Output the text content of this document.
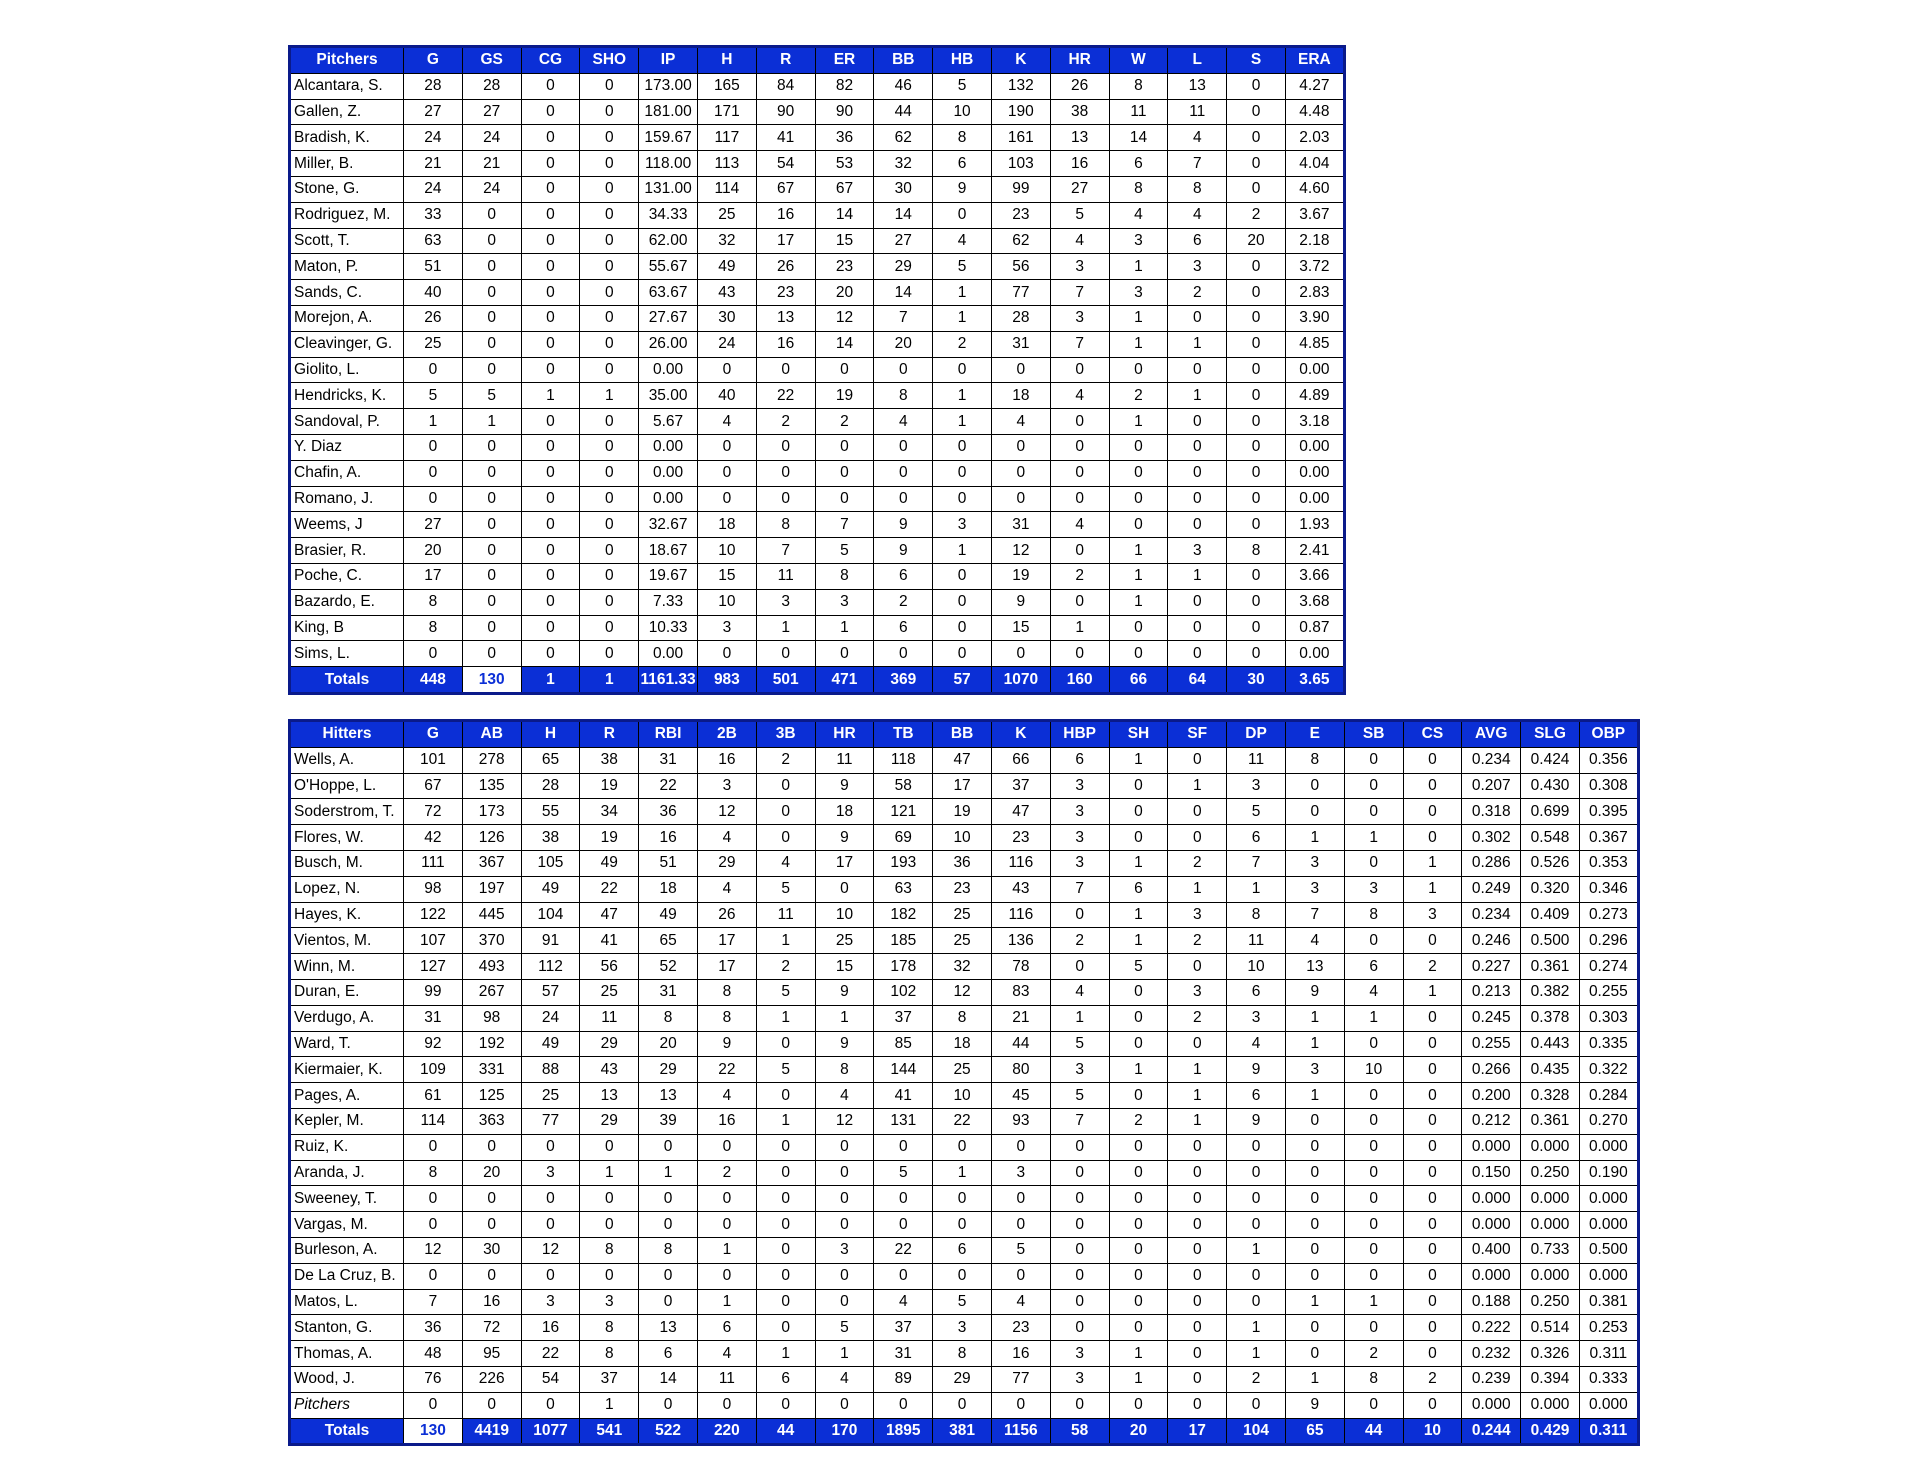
Pitchers	G	GS	CG	SHO	IP	H	R	ER	BB	HB	K	HR	W	L	S	ERA
Alcantara, S.	28	28	0	0	173.00	165	84	82	46	5	132	26	8	13	0	4.27
Gallen, Z.	27	27	0	0	181.00	171	90	90	44	10	190	38	11	11	0	4.48
Bradish, K.	24	24	0	0	159.67	117	41	36	62	8	161	13	14	4	0	2.03
Miller, B.	21	21	0	0	118.00	113	54	53	32	6	103	16	6	7	0	4.04
Stone, G.	24	24	0	0	131.00	114	67	67	30	9	99	27	8	8	0	4.60
Rodriguez, M.	33	0	0	0	34.33	25	16	14	14	0	23	5	4	4	2	3.67
Scott, T.	63	0	0	0	62.00	32	17	15	27	4	62	4	3	6	20	2.18
Maton, P.	51	0	0	0	55.67	49	26	23	29	5	56	3	1	3	0	3.72
Sands, C.	40	0	0	0	63.67	43	23	20	14	1	77	7	3	2	0	2.83
Morejon, A.	26	0	0	0	27.67	30	13	12	7	1	28	3	1	0	0	3.90
Cleavinger, G.	25	0	0	0	26.00	24	16	14	20	2	31	7	1	1	0	4.85
Giolito, L.	0	0	0	0	0.00	0	0	0	0	0	0	0	0	0	0	0.00
Hendricks, K.	5	5	1	1	35.00	40	22	19	8	1	18	4	2	1	0	4.89
Sandoval, P.	1	1	0	0	5.67	4	2	2	4	1	4	0	1	0	0	3.18
Y. Diaz	0	0	0	0	0.00	0	0	0	0	0	0	0	0	0	0	0.00
Chafin, A.	0	0	0	0	0.00	0	0	0	0	0	0	0	0	0	0	0.00
Romano, J.	0	0	0	0	0.00	0	0	0	0	0	0	0	0	0	0	0.00
Weems, J	27	0	0	0	32.67	18	8	7	9	3	31	4	0	0	0	1.93
Brasier, R.	20	0	0	0	18.67	10	7	5	9	1	12	0	1	3	8	2.41
Poche, C.	17	0	0	0	19.67	15	11	8	6	0	19	2	1	1	0	3.66
Bazardo, E.	8	0	0	0	7.33	10	3	3	2	0	9	0	1	0	0	3.68
King, B	8	0	0	0	10.33	3	1	1	6	0	15	1	0	0	0	0.87
Sims, L.	0	0	0	0	0.00	0	0	0	0	0	0	0	0	0	0	0.00
Totals	448	130	1	1	1161.33	983	501	471	369	57	1070	160	66	64	30	3.65
Hitters	G	AB	H	R	RBI	2B	3B	HR	TB	BB	K	HBP	SH	SF	DP	E	SB	CS	AVG	SLG	OBP
Wells, A.	101	278	65	38	31	16	2	11	118	47	66	6	1	0	11	8	0	0	0.234	0.424	0.356
O'Hoppe, L.	67	135	28	19	22	3	0	9	58	17	37	3	0	1	3	0	0	0	0.207	0.430	0.308
Soderstrom, T.	72	173	55	34	36	12	0	18	121	19	47	3	0	0	5	0	0	0	0.318	0.699	0.395
Flores, W.	42	126	38	19	16	4	0	9	69	10	23	3	0	0	6	1	1	0	0.302	0.548	0.367
Busch, M.	111	367	105	49	51	29	4	17	193	36	116	3	1	2	7	3	0	1	0.286	0.526	0.353
Lopez, N.	98	197	49	22	18	4	5	0	63	23	43	7	6	1	1	3	3	1	0.249	0.320	0.346
Hayes, K.	122	445	104	47	49	26	11	10	182	25	116	0	1	3	8	7	8	3	0.234	0.409	0.273
Vientos, M.	107	370	91	41	65	17	1	25	185	25	136	2	1	2	11	4	0	0	0.246	0.500	0.296
Winn, M.	127	493	112	56	52	17	2	15	178	32	78	0	5	0	10	13	6	2	0.227	0.361	0.274
Duran, E.	99	267	57	25	31	8	5	9	102	12	83	4	0	3	6	9	4	1	0.213	0.382	0.255
Verdugo, A.	31	98	24	11	8	8	1	1	37	8	21	1	0	2	3	1	1	0	0.245	0.378	0.303
Ward, T.	92	192	49	29	20	9	0	9	85	18	44	5	0	0	4	1	0	0	0.255	0.443	0.335
Kiermaier, K.	109	331	88	43	29	22	5	8	144	25	80	3	1	1	9	3	10	0	0.266	0.435	0.322
Pages, A.	61	125	25	13	13	4	0	4	41	10	45	5	0	1	6	1	0	0	0.200	0.328	0.284
Kepler, M.	114	363	77	29	39	16	1	12	131	22	93	7	2	1	9	0	0	0	0.212	0.361	0.270
Ruiz, K.	0	0	0	0	0	0	0	0	0	0	0	0	0	0	0	0	0	0	0.000	0.000	0.000
Aranda, J.	8	20	3	1	1	2	0	0	5	1	3	0	0	0	0	0	0	0	0.150	0.250	0.190
Sweeney, T.	0	0	0	0	0	0	0	0	0	0	0	0	0	0	0	0	0	0	0.000	0.000	0.000
Vargas, M.	0	0	0	0	0	0	0	0	0	0	0	0	0	0	0	0	0	0	0.000	0.000	0.000
Burleson, A.	12	30	12	8	8	1	0	3	22	6	5	0	0	0	1	0	0	0	0.400	0.733	0.500
De La Cruz, B.	0	0	0	0	0	0	0	0	0	0	0	0	0	0	0	0	0	0	0.000	0.000	0.000
Matos, L.	7	16	3	3	0	1	0	0	4	5	4	0	0	0	0	1	1	0	0.188	0.250	0.381
Stanton, G.	36	72	16	8	13	6	0	5	37	3	23	0	0	0	1	0	0	0	0.222	0.514	0.253
Thomas, A.	48	95	22	8	6	4	1	1	31	8	16	3	1	0	1	0	2	0	0.232	0.326	0.311
Wood, J.	76	226	54	37	14	11	6	4	89	29	77	3	1	0	2	1	8	2	0.239	0.394	0.333
Pitchers	0	0	0	1	0	0	0	0	0	0	0	0	0	0	0	9	0	0	0.000	0.000	0.000
Totals	130	4419	1077	541	522	220	44	170	1895	381	1156	58	20	17	104	65	44	10	0.244	0.429	0.311
